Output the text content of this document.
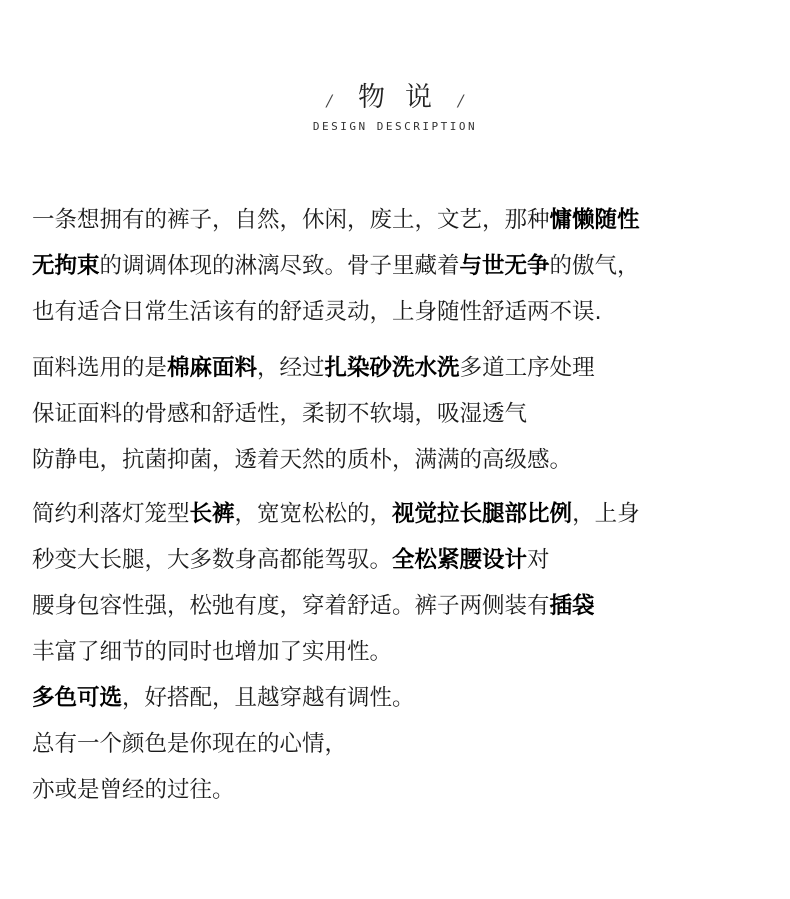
/ 物说 /
DESIGN DESCRIPTION
一条想拥有的裤子，自然，休闲，废土，文艺，那种慵懒随性
无拘束的调调体现的淋漓尽致。骨子里藏着与世无争的傲气，
也有适合日常生活该有的舒适灵动，上身随性舒适两不误.
面料选用的是棉麻面料，经过扎染砂洗水洗多道工序处理
保证面料的骨感和舒适性，柔韧不软塌，吸湿透气
防静电，抗菌抑菌，透着天然的质朴，满满的高级感。
简约利落灯笼型长裤，宽宽松松的，视觉拉长腿部比例，上身
秒变大长腿，大多数身高都能驾驭。全松紧腰设计对
腰身包容性强，松弛有度，穿着舒适。裤子两侧装有插袋
丰富了细节的同时也增加了实用性。
多色可选，好搭配，且越穿越有调性。
总有一个颜色是你现在的心情，
亦或是曾经的过往。
